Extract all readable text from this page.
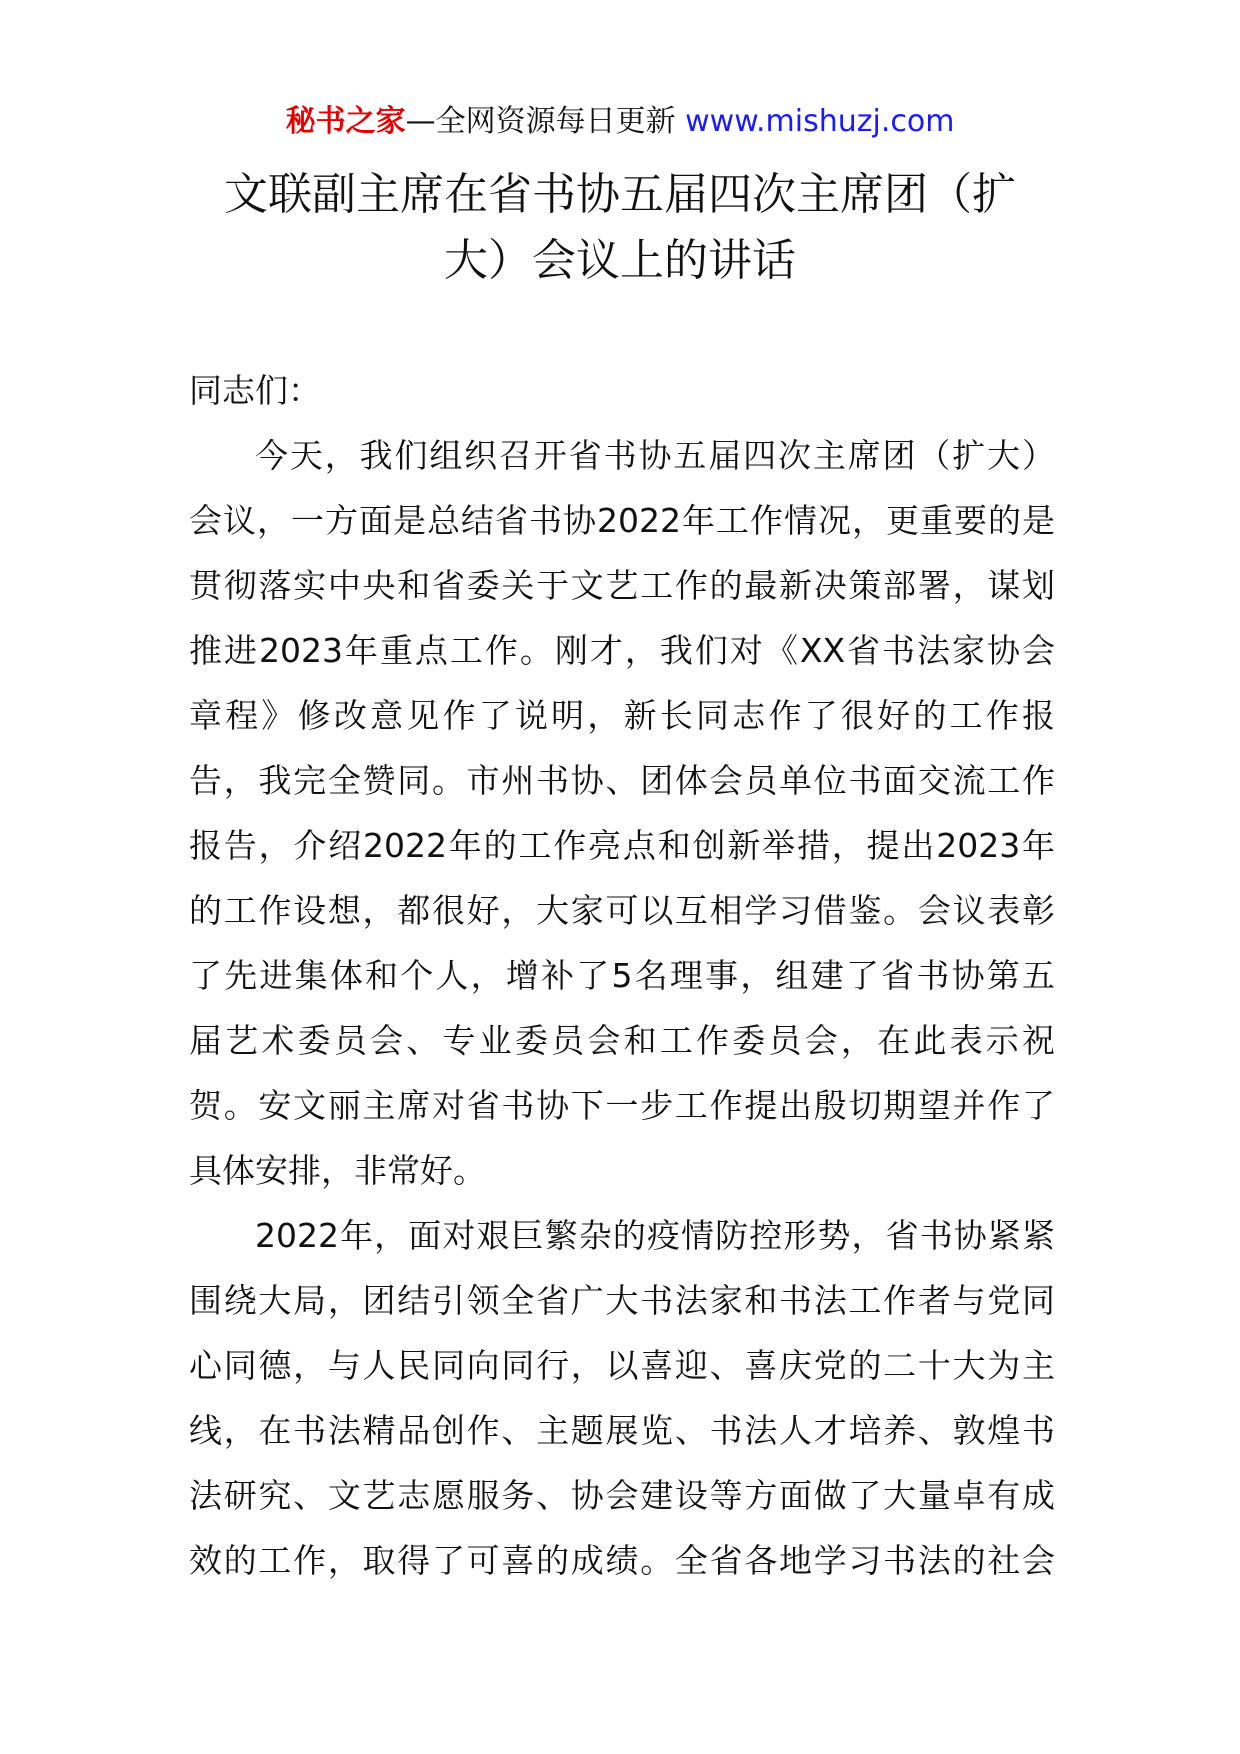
秘书之家—全网资源每日更新 www.mishuzj.com
文联副主席在省书协五届四次主席团（扩
大）会议上的讲话
同志们：
今天，我们组织召开省书协五届四次主席团（扩大）
会议，一方面是总结省书协2022年工作情况，更重要的是
贯彻落实中央和省委关于文艺工作的最新决策部署，谋划
推进2023年重点工作。刚才，我们对《XX省书法家协会
章程》修改意见作了说明，新长同志作了很好的工作报
告，我完全赞同。市州书协、团体会员单位书面交流工作
报告，介绍2022年的工作亮点和创新举措，提出2023年
的工作设想，都很好，大家可以互相学习借鉴。会议表彰
了先进集体和个人，增补了5名理事，组建了省书协第五
届艺术委员会、专业委员会和工作委员会，在此表示祝
贺。安文丽主席对省书协下一步工作提出殷切期望并作了
具体安排，非常好。
2022年，面对艰巨繁杂的疫情防控形势，省书协紧紧
围绕大局，团结引领全省广大书法家和书法工作者与党同
心同德，与人民同向同行，以喜迎、喜庆党的二十大为主
线，在书法精品创作、主题展览、书法人才培养、敦煌书
法研究、文艺志愿服务、协会建设等方面做了大量卓有成
效的工作，取得了可喜的成绩。全省各地学习书法的社会
